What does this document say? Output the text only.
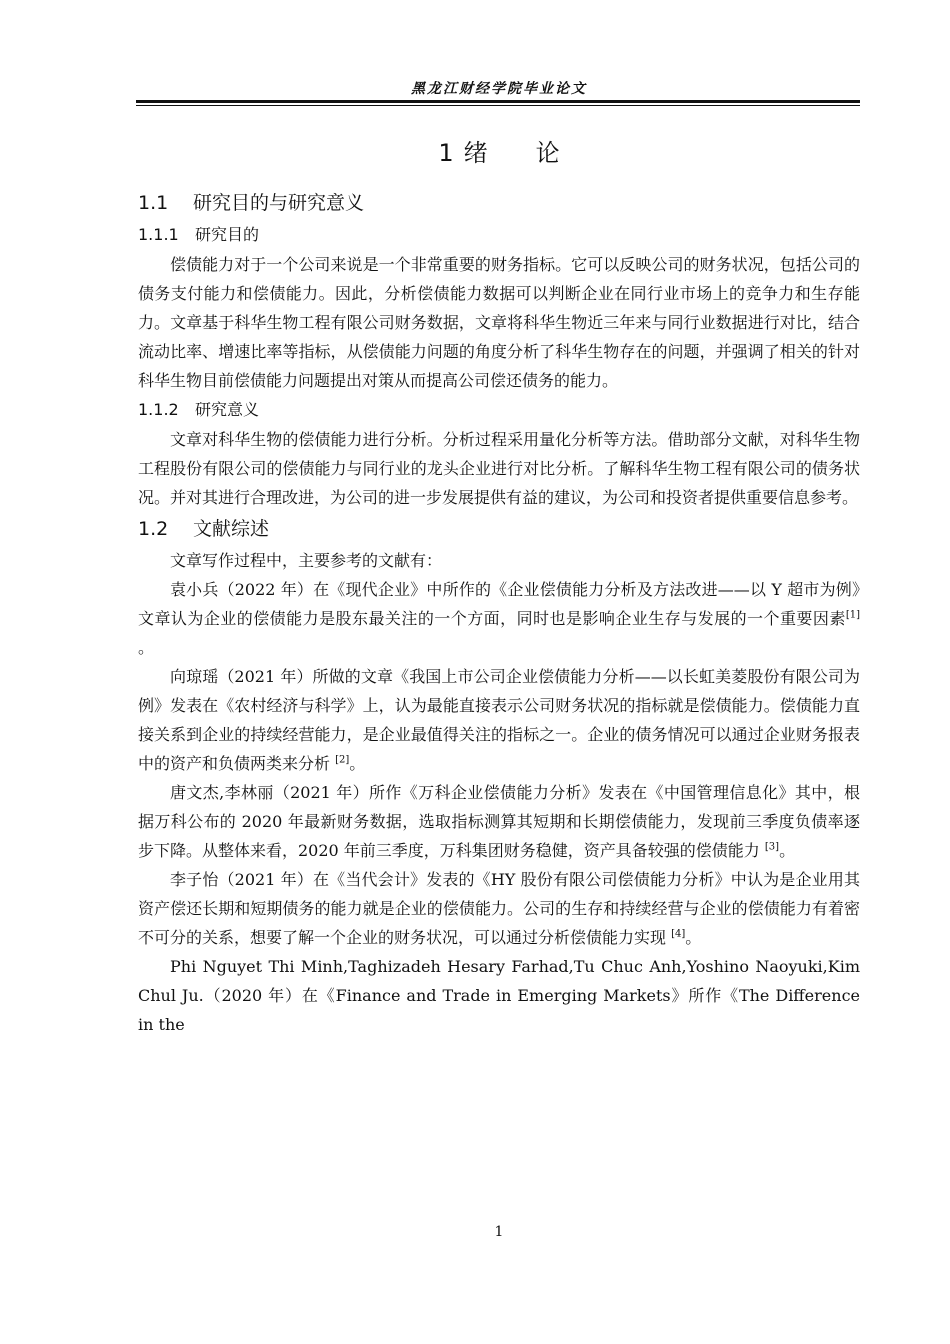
黑龙江财经学院毕业论文
1 绪 论
1.1 研究目的与研究意义
1.1.1 研究目的

偿债能力对于一个公司来说是一个非常重要的财务指标。它可以反映公司的财务状况，包括公司的债务支付能力和偿债能力。因此，分析偿债能力数据可以判断企业在同行业市场上的竞争力和生存能力。文章基于科华生物工程有限公司财务数据，文章将科华生物近三年来与同行业数据进行对比，结合流动比率、增速比率等指标，从偿债能力问题的角度分析了科华生物存在的问题，并强调了相关的针对科华生物目前偿债能力问题提出对策从而提高公司偿还债务的能力。

1.1.2 研究意义

文章对科华生物的偿债能力进行分析。分析过程采用量化分析等方法。借助部分文献，对科华生物工程股份有限公司的偿债能力与同行业的龙头企业进行对比分析。了解科华生物工程有限公司的债务状况。并对其进行合理改进，为公司的进一步发展提供有益的建议，为公司和投资者提供重要信息参考。

1.2 文献综述

文章写作过程中，主要参考的文献有：

袁小兵（2022 年）在《现代企业》中所作的《企业偿债能力分析及方法改进——以 Y 超市为例》文章认为企业的偿债能力是股东最关注的一个方面，同时也是影响企业生存与发展的一个重要因素[1] 。

向琼瑶（2021 年）所做的文章《我国上市公司企业偿债能力分析——以长虹美菱股份有限公司为例》发表在《农村经济与科学》上，认为最能直接表示公司财务状况的指标就是偿债能力。偿债能力直接关系到企业的持续经营能力，是企业最值得关注的指标之一。企业的债务情况可以通过企业财务报表中的资产和负债两类来分析 [2]。

唐文杰,李林丽（2021 年）所作《万科企业偿债能力分析》发表在《中国管理信息化》其中，根据万科公布的 2020 年最新财务数据，选取指标测算其短期和长期偿债能力，发现前三季度负债率逐步下降。从整体来看，2020 年前三季度，万科集团财务稳健，资产具备较强的偿债能力 [3]。

李子怡（2021 年）在《当代会计》发表的《HY 股份有限公司偿债能力分析》中认为是企业用其资产偿还长期和短期债务的能力就是企业的偿债能力。公司的生存和持续经营与企业的偿债能力有着密不可分的关系，想要了解一个企业的财务状况，可以通过分析偿债能力实现 [4]。

Phi Nguyet Thi Minh,Taghizadeh Hesary Farhad,Tu Chuc Anh,Yoshino Naoyuki,Kim Chul Ju.（2020 年）在《Finance and Trade in Emerging Markets》所作《The Difference in the

1
